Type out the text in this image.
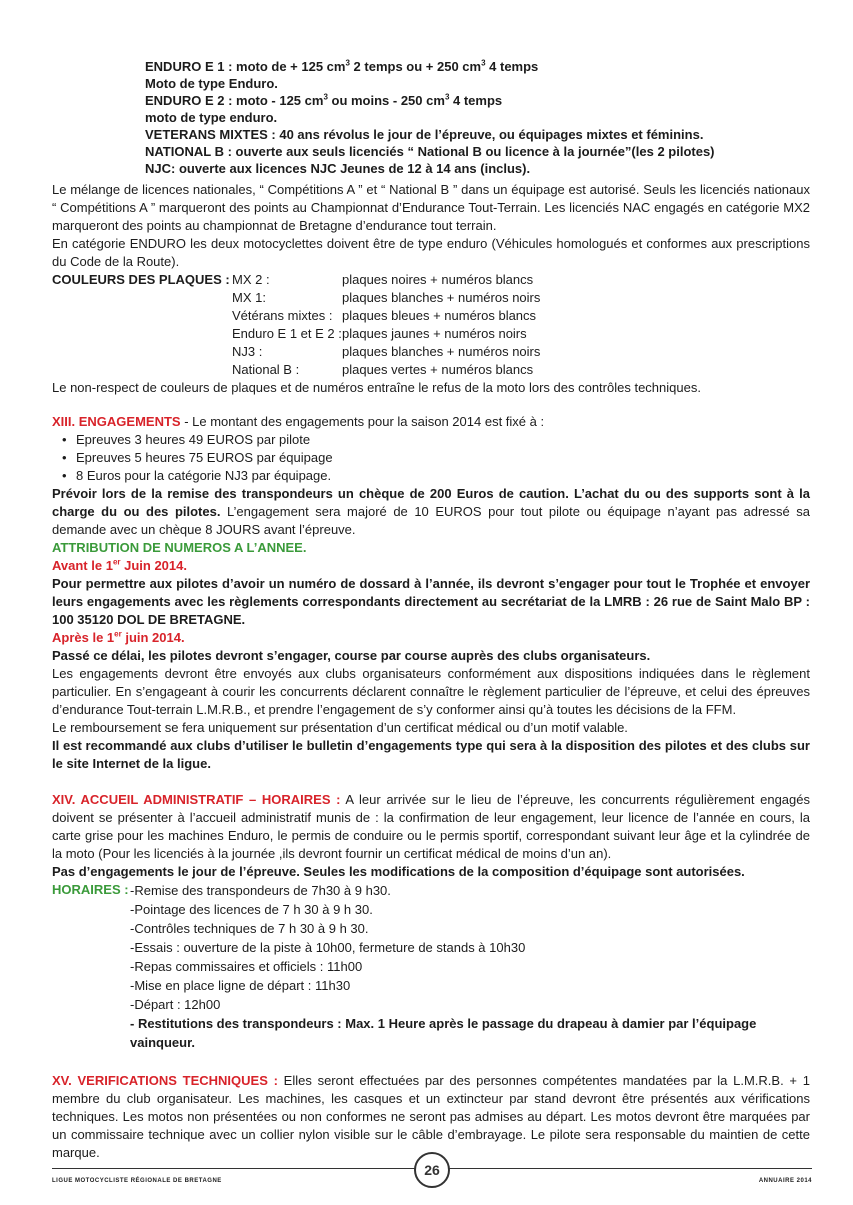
ENDURO E 1 : moto de + 125 $cm^3$ 2 temps ou + 250 $cm^3$ 4 temps
Moto de type Enduro.
ENDURO E 2 : moto - 125 $cm^3$ ou moins - 250 $cm^3$ 4 temps
moto de type enduro.
VETERANS MIXTES : 40 ans révolus le jour de l’épreuve, ou équipages mixtes et féminins.
NATIONAL B : ouverte aux seuls licenciés “ National B ou licence à la journée”(les 2 pilotes)
NJC: ouverte aux licences NJC Jeunes de 12 à 14 ans (inclus).

Le mélange de licences nationales, “ Compétitions A ” et “ National B ” dans un équipage est autorisé. Seuls les licenciés nationaux “ Compétitions A ” marqueront des points au Championnat d’Endurance Tout-Terrain. Les licenciés NAC engagés en catégorie MX2 marqueront des points au championnat de Bretagne d’endurance tout terrain.

En catégorie ENDURO les deux motocyclettes doivent être de type enduro (Véhicules homologués et conformes aux prescriptions du Code de la Route).

COULEURS DES PLAQUES : MX 2 :	plaques noires + numéros blancs
MX 1:	plaques blanches + numéros noirs
Vétérans mixtes : plaques bleues + numéros blancs
Enduro E 1 et E 2 : plaques jaunes + numéros noirs
NJ3 :	plaques blanches + numéros noirs
National B :	plaques vertes + numéros blancs

Le non-respect de couleurs de plaques et de numéros entraîne le refus de la moto lors des contrôles techniques.

XIII. ENGAGEMENTS - Le montant des engagements pour la saison 2014 est fixé à :

• Epreuves 3 heures 49 EUROS par pilote
• Epreuves 5 heures 75 EUROS par équipage
• 8 Euros pour la catégorie NJ3 par équipage.

Prévoir lors de la remise des transpondeurs un chèque de 200 Euros de caution. L’achat du ou des supports sont à la charge du ou des pilotes. L’engagement sera majoré de 10 EUROS pour tout pilote ou équipage n’ayant pas adressé sa demande avec un chèque 8 JOURS avant l’épreuve.

ATTRIBUTION DE NUMEROS A L’ANNEE.

Avant le 1er Juin 2014.

Pour permettre aux pilotes d’avoir un numéro de dossard à l’année, ils devront s’engager pour tout le Trophée et envoyer leurs engagements avec les règlements correspondants directement au secrétariat de la LMRB : 26 rue de Saint Malo BP : 100 35120 DOL DE BRETAGNE.

Après le 1er juin 2014.

Passé ce délai, les pilotes devront s’engager, course par course auprès des clubs organisateurs.

Les engagements devront être envoyés aux clubs organisateurs conformément aux dispositions indiquées dans le règlement particulier. En s’engageant à courir les concurrents déclarent connaître le règlement particulier de l’épreuve, et celui des épreuves d’endurance Tout-terrain L.M.R.B., et prendre l’engagement de s’y conformer ainsi qu’à toutes les décisions de la FFM.

Le remboursement se fera uniquement sur présentation d’un certificat médical ou d’un motif valable.

Il est recommandé aux clubs d’utiliser le bulletin d’engagements type qui sera à la disposition des pilotes et des clubs sur le site Internet de la ligue.

XIV. ACCUEIL ADMINISTRATIF – HORAIRES : A leur arrivée sur le lieu de l’épreuve, les concurrents régulièrement engagés doivent se présenter à l’accueil administratif munis de : la confirmation de leur engagement, leur licence de l’année en cours, la carte grise pour les machines Enduro, le permis de conduire ou le permis sportif, correspondant suivant leur âge et la cylindrée de la moto (Pour les licenciés à la journée ,ils devront fournir un certificat médical de moins d’un an).

Pas d’engagements le jour de l’épreuve. Seules les modifications de la composition d’équipage sont autorisées.

HORAIRES : -Remise des transpondeurs de 7h30 à 9 h30.
-Pointage des licences de 7 h 30 à 9 h 30.
-Contrôles techniques de 7 h 30 à 9 h 30.
-Essais : ouverture de la piste à 10h00, fermeture de stands à 10h30
-Repas commissaires et officiels : 11h00
-Mise en place ligne de départ : 11h30
-Départ : 12h00
- Restitutions des transpondeurs : Max. 1 Heure après le passage du drapeau à damier par l’équipage vainqueur.

XV. VERIFICATIONS TECHNIQUES : Elles seront effectuées par des personnes compétentes mandatées par la L.M.R.B. + 1 membre du club organisateur. Les machines, les casques et un extincteur par stand devront être présentés aux vérifications techniques. Les motos non présentées ou non conformes ne seront pas admises au départ. Les motos devront être marquées par un commissaire technique avec un collier nylon visible sur le câble d’embrayage. Le pilote sera responsable du maintien de cette marque.

LIGUE MOTOCYCLISTE RÉGIONALE DE BRETAGNE
26
ANNUAIRE 2014
